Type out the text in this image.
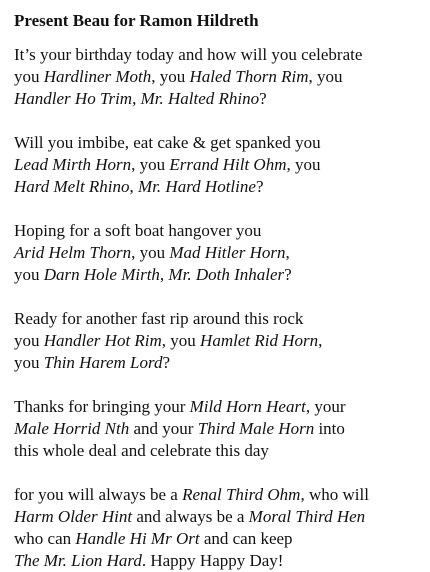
Present Beau for Ramon Hildreth
It’s your birthday today and how will you celebrate
you Hardliner Moth, you Haled Thorn Rim, you
Handler Ho Trim, Mr. Halted Rhino?
Will you imbibe, eat cake & get spanked you
Lead Mirth Horn, you Errand Hilt Ohm, you
Hard Melt Rhino, Mr. Hard Hotline?
Hoping for a soft boat hangover you
Arid Helm Thorn, you Mad Hitler Horn,
you Darn Hole Mirth, Mr. Doth Inhaler?
Ready for another fast rip around this rock
you Handler Hot Rim, you Hamlet Rid Horn,
you Thin Harem Lord?
Thanks for bringing your Mild Horn Heart, your
Male Horrid Nth and your Third Male Horn into
this whole deal and celebrate this day
for you will always be a Renal Third Ohm, who will
Harm Older Hint and always be a Moral Third Hen
who can Handle Hi Mr Ort and can keep
The Mr. Lion Hard. Happy Happy Day!
